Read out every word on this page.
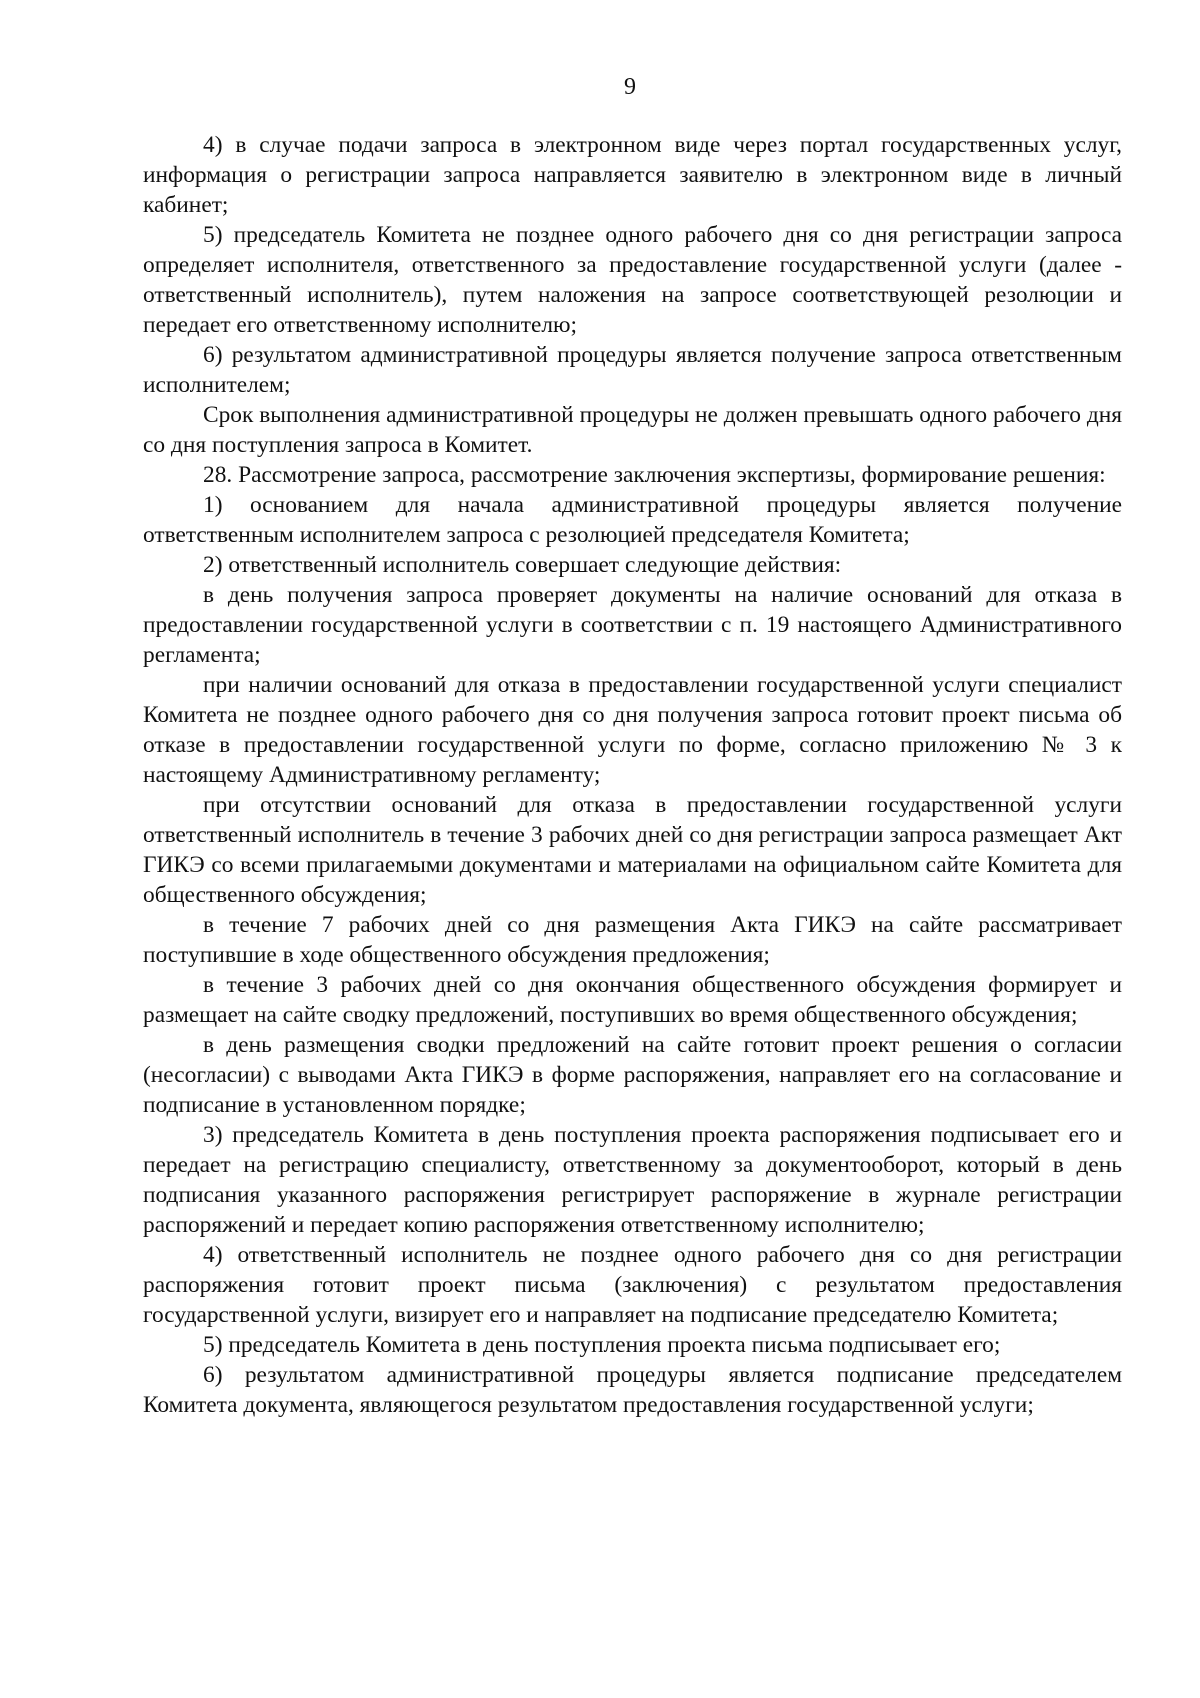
9

4) в случае подачи запроса в электронном виде через портал государственных услуг, информация о регистрации запроса направляется заявителю в электронном виде в личный кабинет;

5) председатель Комитета не позднее одного рабочего дня со дня регистрации запроса определяет исполнителя, ответственного за предоставление государственной услуги (далее - ответственный исполнитель), путем наложения на запросе соответствующей резолюции и передает его ответственному исполнителю;

6) результатом административной процедуры является получение запроса ответственным исполнителем;

Срок выполнения административной процедуры не должен превышать одного рабочего дня со дня поступления запроса в Комитет.

28. Рассмотрение запроса, рассмотрение заключения экспертизы, формирование решения:

1) основанием для начала административной процедуры является получение ответственным исполнителем запроса с резолюцией председателя Комитета;

2) ответственный исполнитель совершает следующие действия:

в день получения запроса проверяет документы на наличие оснований для отказа в предоставлении государственной услуги в соответствии с п. 19 настоящего Административного регламента;

при наличии оснований для отказа в предоставлении государственной услуги специалист Комитета не позднее одного рабочего дня со дня получения запроса готовит проект письма об отказе в предоставлении государственной услуги по форме, согласно приложению № 3 к настоящему Административному регламенту;

при отсутствии оснований для отказа в предоставлении государственной услуги ответственный исполнитель в течение 3 рабочих дней со дня регистрации запроса размещает Акт ГИКЭ со всеми прилагаемыми документами и материалами на официальном сайте Комитета для общественного обсуждения;

в течение 7 рабочих дней со дня размещения Акта ГИКЭ на сайте рассматривает поступившие в ходе общественного обсуждения предложения;

в течение 3 рабочих дней со дня окончания общественного обсуждения формирует и размещает на сайте сводку предложений, поступивших во время общественного обсуждения;

в день размещения сводки предложений на сайте готовит проект решения о согласии (несогласии) с выводами Акта ГИКЭ в форме распоряжения, направляет его на согласование и подписание в установленном порядке;

3) председатель Комитета в день поступления проекта распоряжения подписывает его и передает на регистрацию специалисту, ответственному за документооборот, который в день подписания указанного распоряжения регистрирует распоряжение в журнале регистрации распоряжений и передает копию распоряжения ответственному исполнителю;

4) ответственный исполнитель не позднее одного рабочего дня со дня регистрации распоряжения готовит проект письма (заключения) с результатом предоставления государственной услуги, визирует его и направляет на подписание председателю Комитета;

5) председатель Комитета в день поступления проекта письма подписывает его;

6) результатом административной процедуры является подписание председателем Комитета документа, являющегося результатом предоставления государственной услуги;
